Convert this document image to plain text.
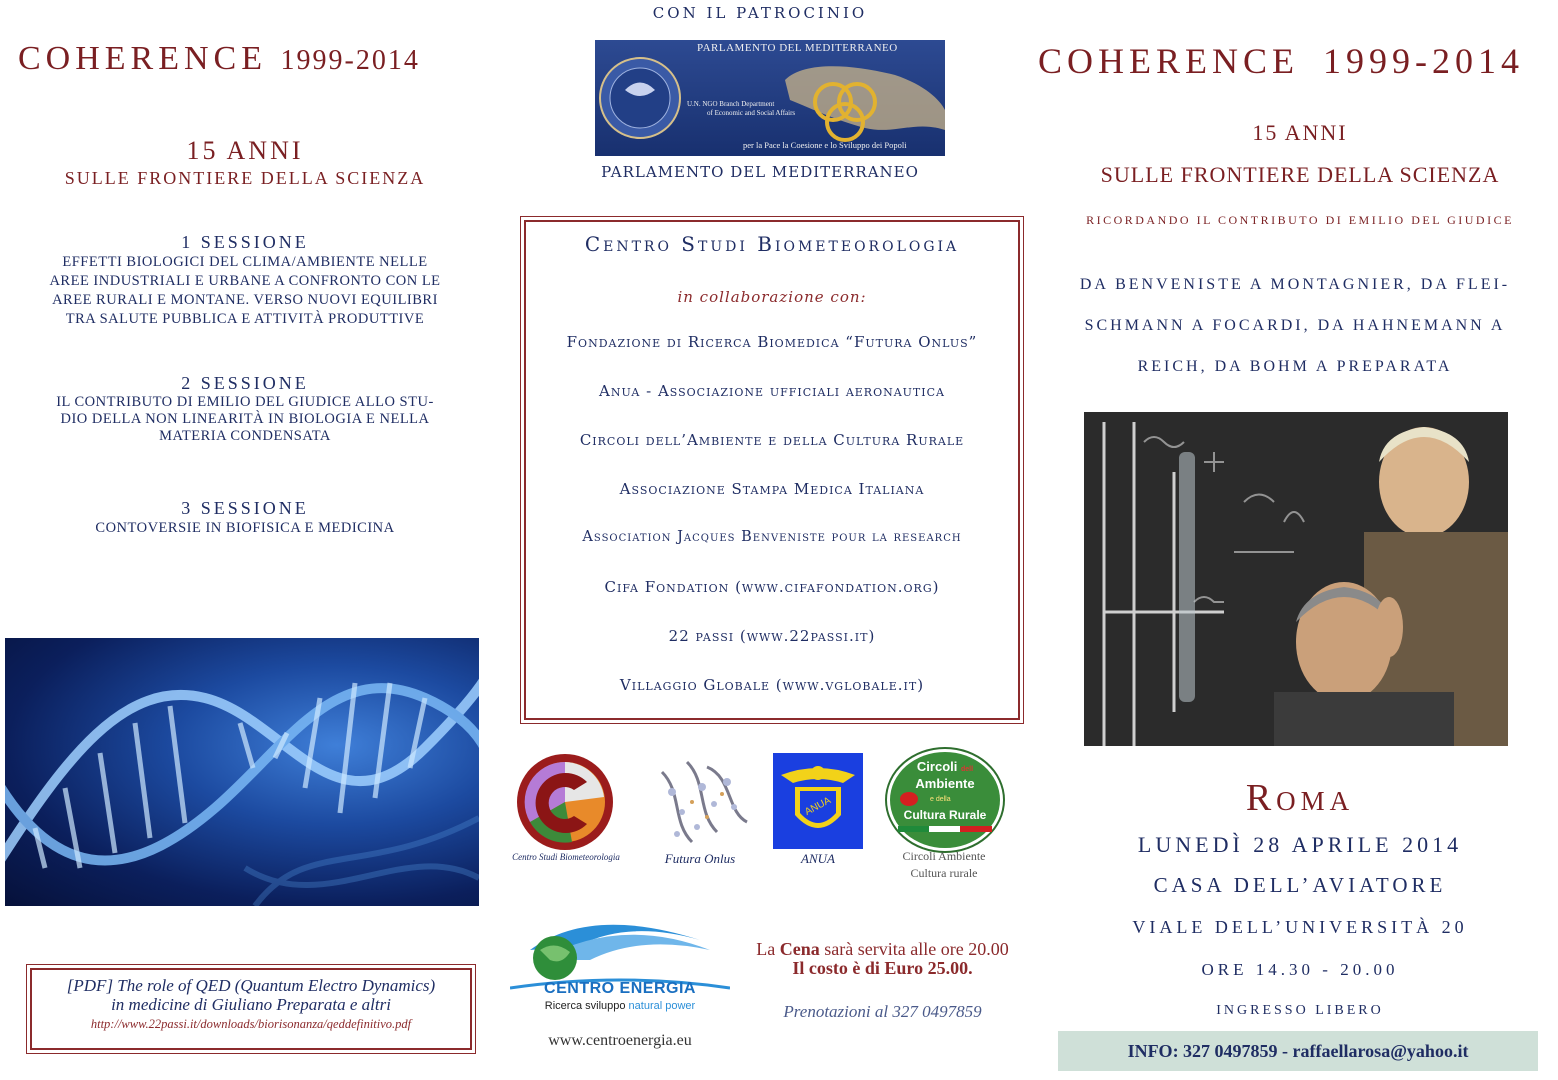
COHERENCE 1999-2014
15 ANNI
SULLE FRONTIERE DELLA SCIENZA
1 SESSIONE
EFFETTI BIOLOGICI DEL CLIMA/AMBIENTE NELLE
AREE INDUSTRIALI E URBANE A CONFRONTO CON LE
AREE RURALI E MONTANE. VERSO NUOVI EQUILIBRI
TRA SALUTE PUBBLICA E ATTIVITÀ PRODUTTIVE
2 SESSIONE
IL CONTRIBUTO DI EMILIO DEL GIUDICE ALLO STU-
DIO DELLA NON LINEARITÀ IN BIOLOGIA E NELLA
MATERIA CONDENSATA
3 SESSIONE
CONTOVERSIE IN BIOFISICA E MEDICINA
[PDF] The role of QED (Quantum Electro Dynamics)
in medicine di Giuliano Preparata e altri
http://www.22passi.it/downloads/biorisonanza/qeddefinitivo.pdf
CON IL PATROCINIO
PARLAMENTO DEL MEDITERRANEO
U.N. NGO Branch Department
of Economic and Social Affairs
per la Pace la Coesione e lo Sviluppo dei Popoli
PARLAMENTO DEL MEDITERRANEO
Centro Studi Biometeorologia
in collaborazione con:
Fondazione di Ricerca Biomedica “Futura Onlus”
Anua - Associazione ufficiali aeronautica
Circoli dell’Ambiente e della Cultura Rurale
Associazione Stampa Medica Italiana
Association Jacques Benveniste pour la research
Cifa Fondation (www.cifafondation.org)
22 passi (www.22passi.it)
Villaggio Globale (www.vglobale.it)
Centro Studi Biometeorologia	Futura Onlus
ANUA
ANUA
Circoli dell
Ambiente
e della
Cultura Rurale
Circoli Ambiente
Cultura rurale
CENTRO ENERGIA
Ricerca sviluppo natural power
www.centroenergia.eu
La Cena sarà servita alle ore 20.00
Il costo è di Euro 25.00.
Prenotazioni al 327 0497859
COHERENCE 1999-2014
15 ANNI
SULLE FRONTIERE DELLA SCIENZA
RICORDANDO IL CONTRIBUTO DI EMILIO DEL GIUDICE
DA BENVENISTE A MONTAGNIER, DA FLEI-
SCHMANN A FOCARDI, DA HAHNEMANN A
REICH, DA BOHM A PREPARATA
Roma
LUNEDÌ 28 APRILE 2014
CASA DELL’AVIATORE
VIALE DELL’UNIVERSITÀ 20
ORE 14.30 - 20.00
INGRESSO LIBERO
INFO: 327 0497859 - raffaellarosa@yahoo.it
